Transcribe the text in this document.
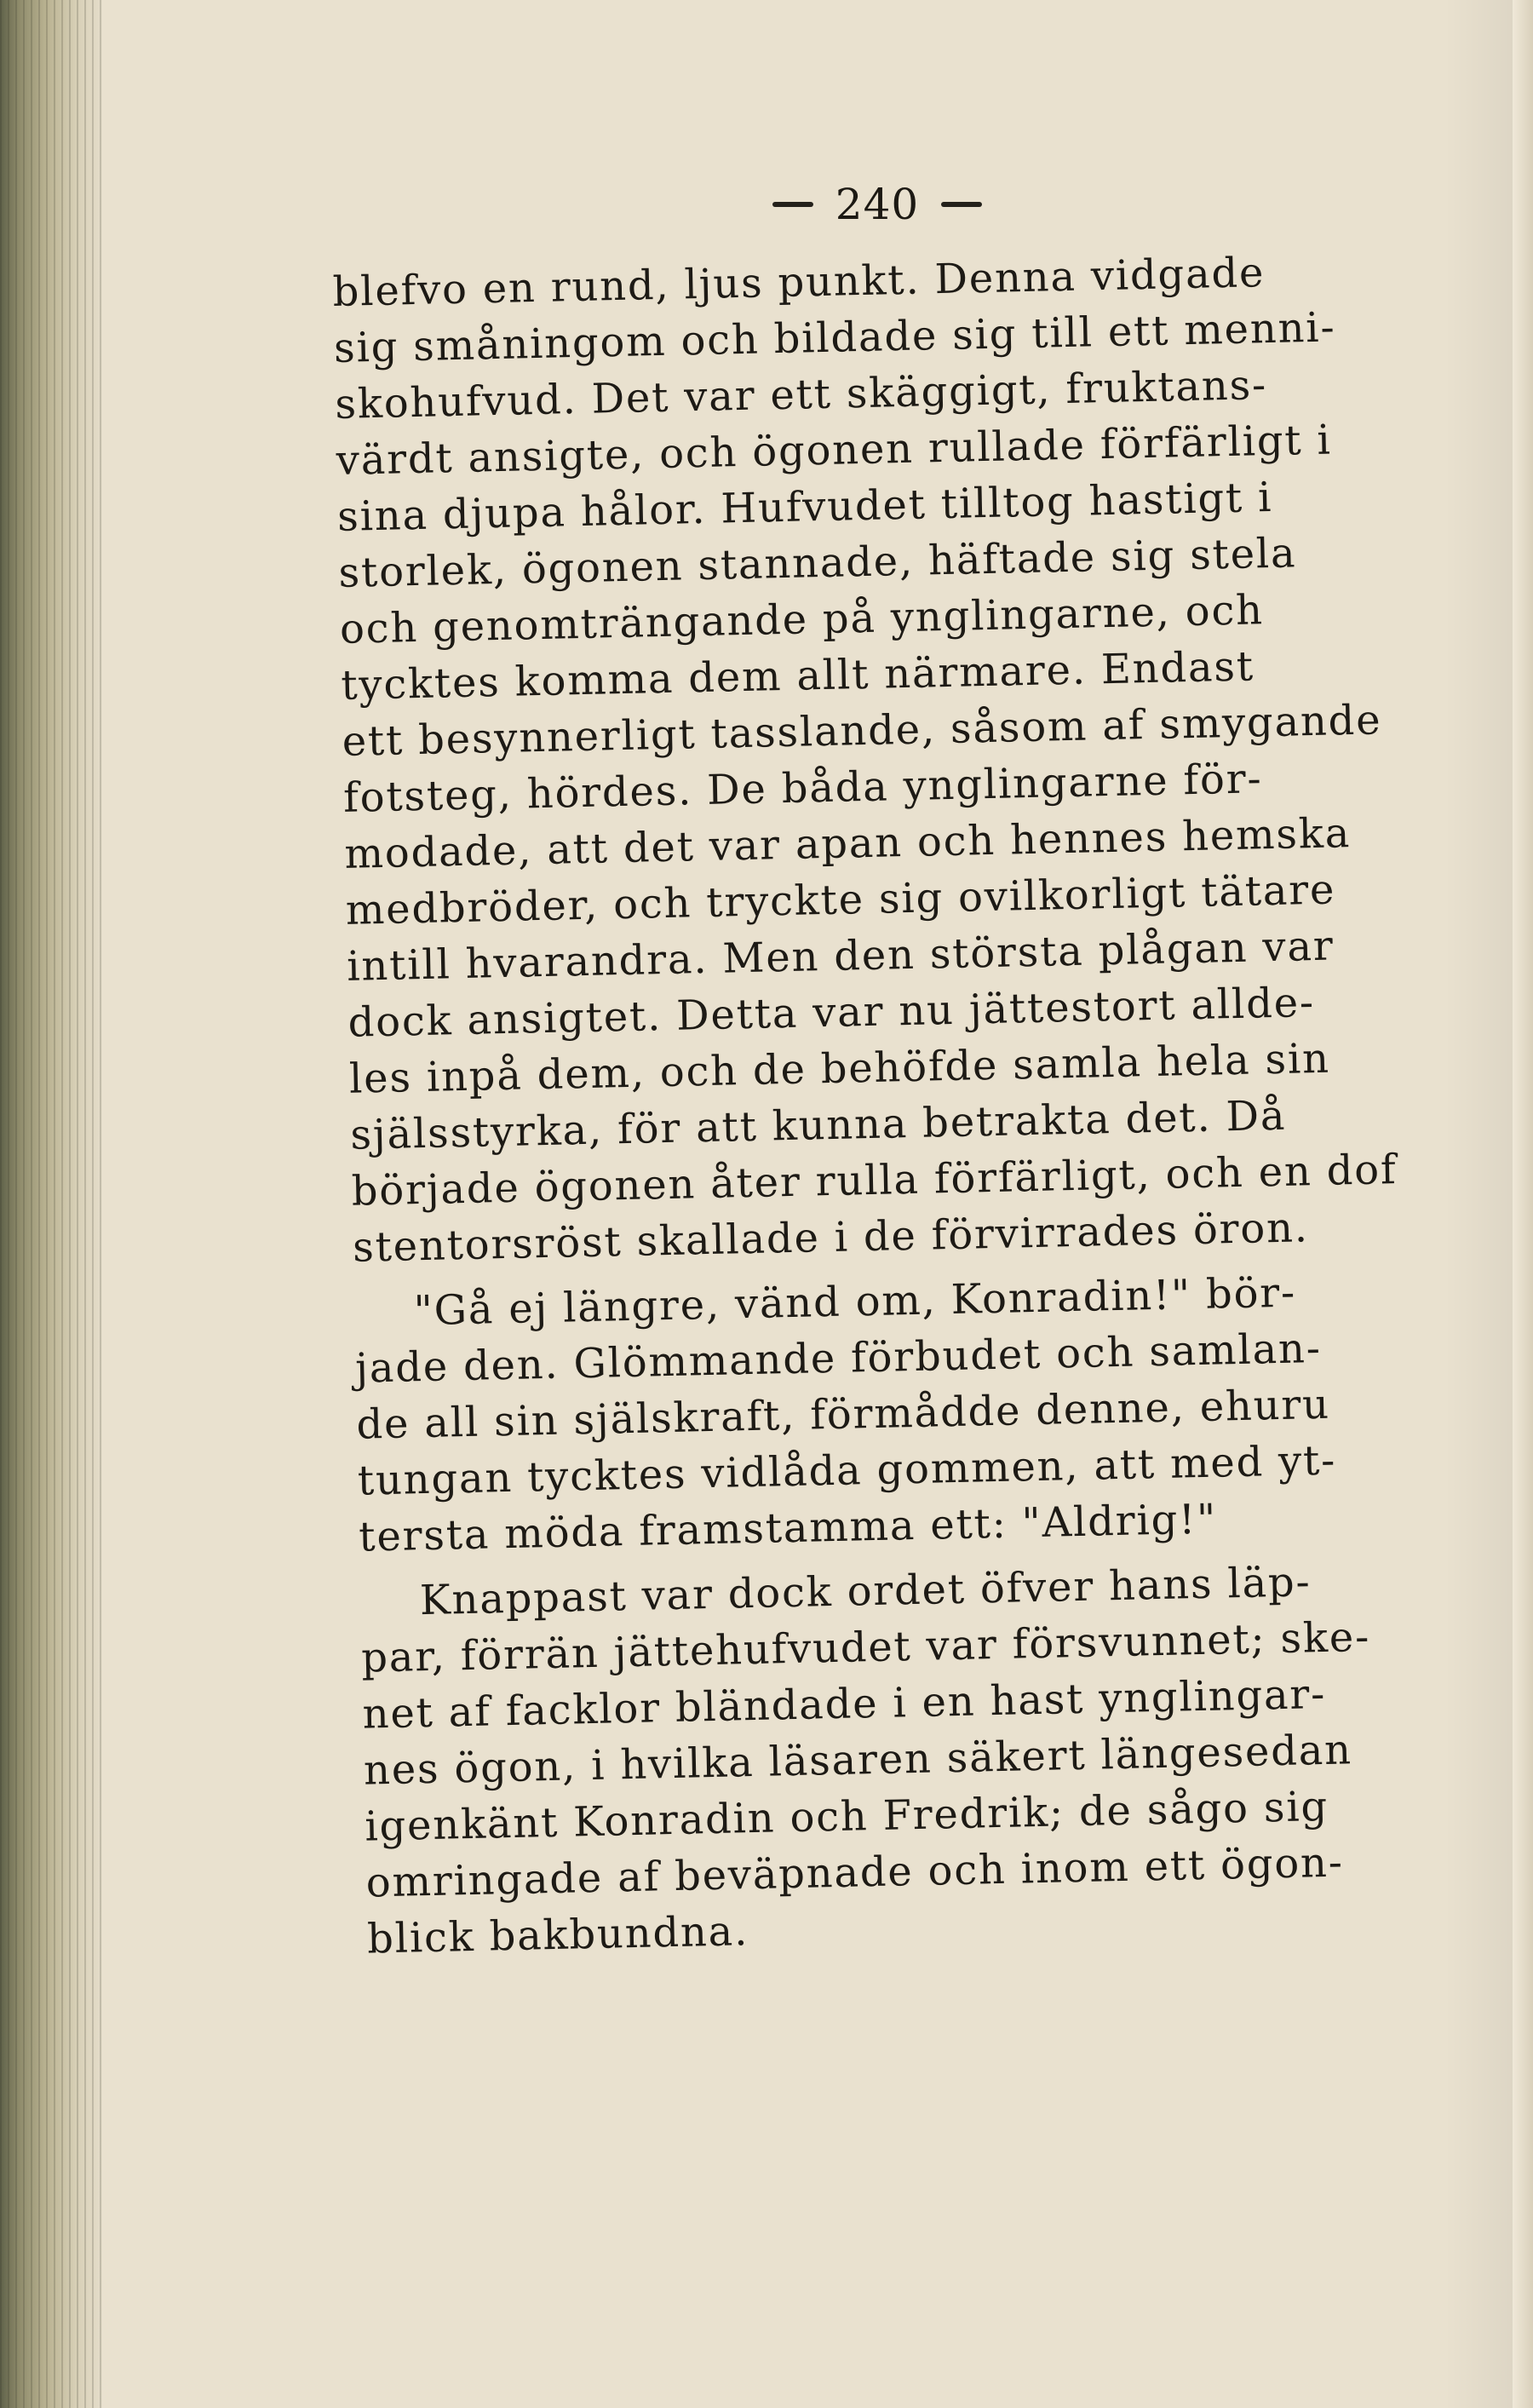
240
blefvo en rund, ljus punkt. Denna vidgade
sig småningom och bildade sig till ett menni-
skohufvud. Det var ett skäggigt, fruktans-
värdt ansigte, och ögonen rullade förfärligt i
sina djupa hålor. Hufvudet tilltog hastigt i
storlek, ögonen stannade, häftade sig stela
och genomträngande på ynglingarne, och
tycktes komma dem allt närmare. Endast
ett besynnerligt tasslande, såsom af smygande
fotsteg, hördes. De båda ynglingarne för-
modade, att det var apan och hennes hemska
medbröder, och tryckte sig ovilkorligt tätare
intill hvarandra. Men den största plågan var
dock ansigtet. Detta var nu jättestort allde-
les inpå dem, och de behöfde samla hela sin
själsstyrka, för att kunna betrakta det. Då
började ögonen åter rulla förfärligt, och en dof
stentorsröst skallade i de förvirrades öron.
"Gå ej längre, vänd om, Konradin!" bör-
jade den. Glömmande förbudet och samlan-
de all sin själskraft, förmådde denne, ehuru
tungan tycktes vidlåda gommen, att med yt-
tersta möda framstamma ett: "Aldrig!"
Knappast var dock ordet öfver hans läp-
par, förrän jättehufvudet var försvunnet; ske-
net af facklor bländade i en hast ynglingar-
nes ögon, i hvilka läsaren säkert längesedan
igenkänt Konradin och Fredrik; de sågo sig
omringade af beväpnade och inom ett ögon-
blick bakbundna.
